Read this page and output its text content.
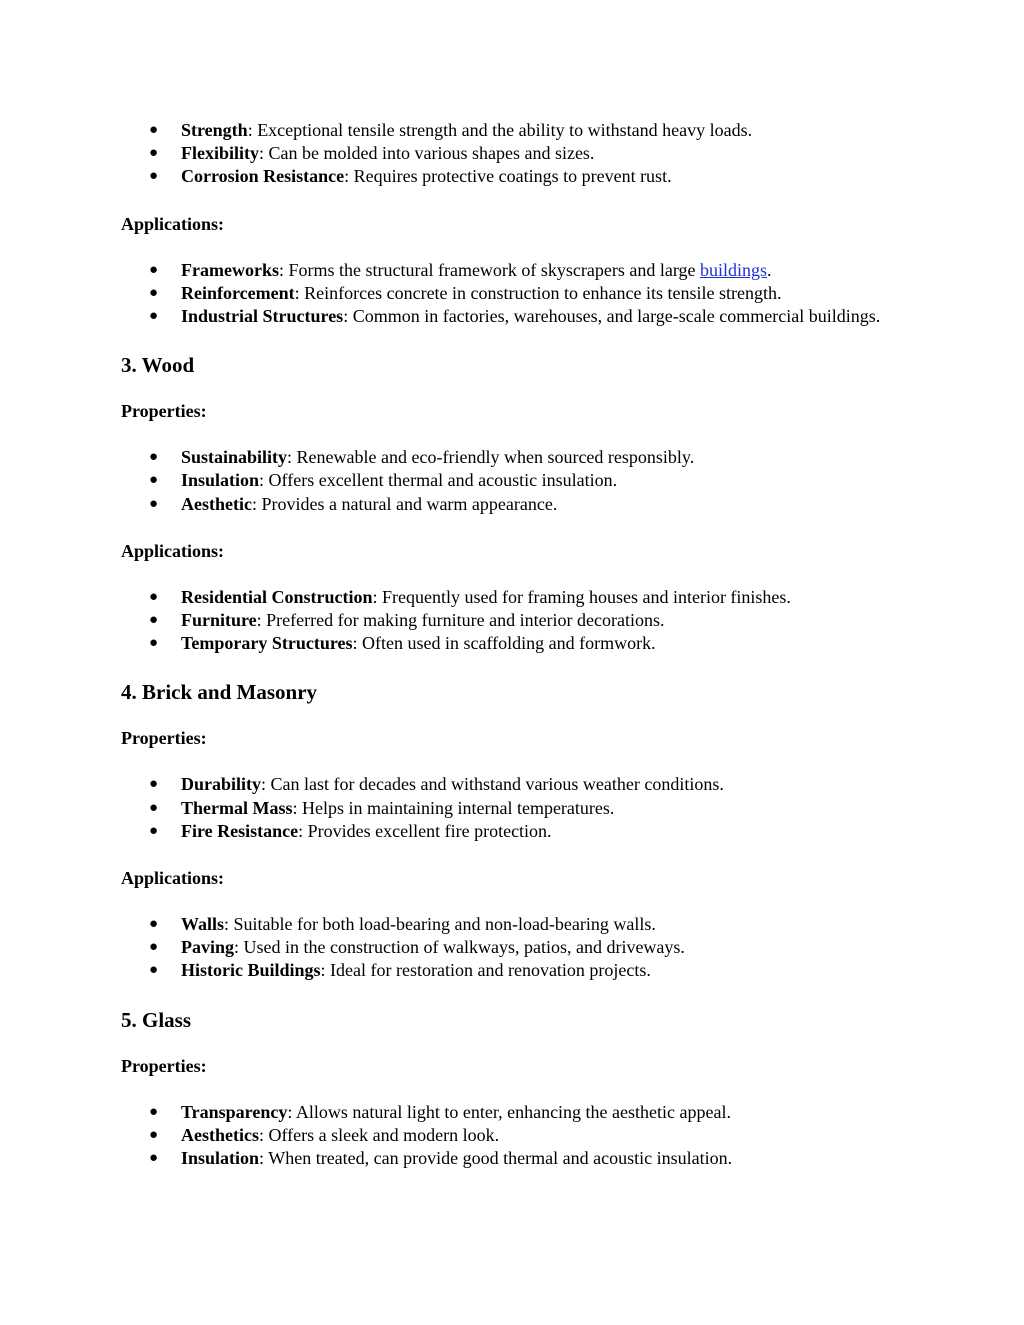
● Strength: Exceptional tensile strength and the ability to withstand heavy loads.
● Flexibility: Can be molded into various shapes and sizes.
● Corrosion Resistance: Requires protective coatings to prevent rust.

Applications:

● Frameworks: Forms the structural framework of skyscrapers and large buildings.
● Reinforcement: Reinforces concrete in construction to enhance its tensile strength.
● Industrial Structures: Common in factories, warehouses, and large-scale commercial buildings.
3. Wood

Properties:

● Sustainability: Renewable and eco-friendly when sourced responsibly.
● Insulation: Offers excellent thermal and acoustic insulation.
● Aesthetic: Provides a natural and warm appearance.

Applications:

● Residential Construction: Frequently used for framing houses and interior finishes.
● Furniture: Preferred for making furniture and interior decorations.
● Temporary Structures: Often used in scaffolding and formwork.
4. Brick and Masonry

Properties:

● Durability: Can last for decades and withstand various weather conditions.
● Thermal Mass: Helps in maintaining internal temperatures.
● Fire Resistance: Provides excellent fire protection.

Applications:

● Walls: Suitable for both load-bearing and non-load-bearing walls.
● Paving: Used in the construction of walkways, patios, and driveways.
● Historic Buildings: Ideal for restoration and renovation projects.
5. Glass

Properties:

● Transparency: Allows natural light to enter, enhancing the aesthetic appeal.
● Aesthetics: Offers a sleek and modern look.
● Insulation: When treated, can provide good thermal and acoustic insulation.
